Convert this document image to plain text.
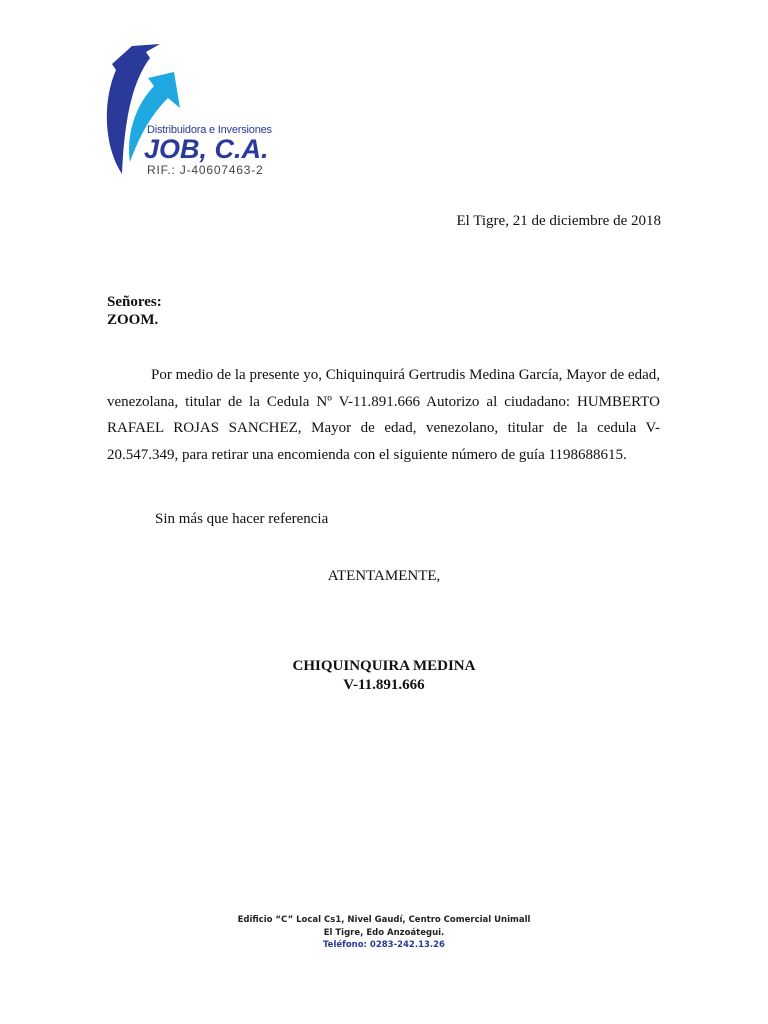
Distribuidora e Inversiones
JOB, C.A.
RIF.: J-40607463-2
El Tigre, 21 de diciembre de 2018
Señores:
ZOOM.

Por medio de la presente yo, Chiquinquirá Gertrudis Medina García, Mayor de edad, venezolana, titular de la Cedula Nº V-11.891.666 Autorizo al ciudadano: HUMBERTO RAFAEL ROJAS SANCHEZ, Mayor de edad, venezolano, titular de la cedula V-20.547.349, para retirar una encomienda con el siguiente número de guía 1198688615.

Sin más que hacer referencia
ATENTAMENTE,
CHIQUINQUIRA MEDINA
V-11.891.666
Edificio “C” Local Cs1, Nivel Gaudí, Centro Comercial Unimall
El Tigre, Edo Anzoátegui.
Teléfono: 0283-242.13.26
